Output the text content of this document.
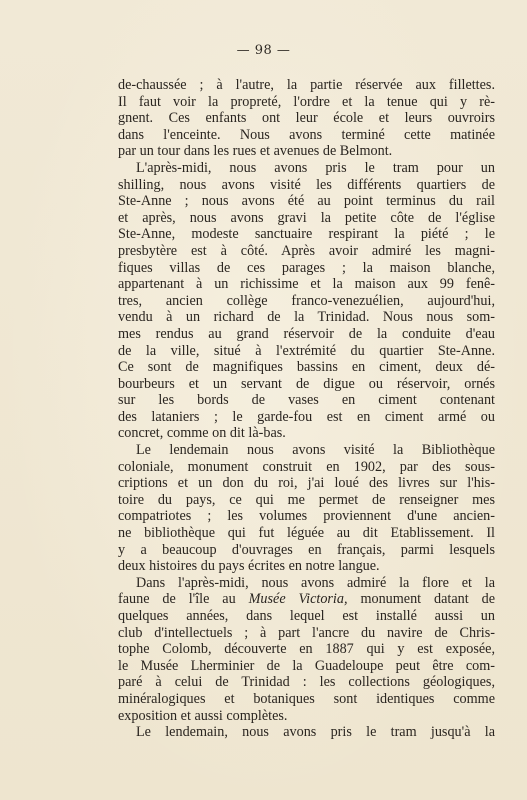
— 98 —
de-chaussée ; à l'autre, la partie réservée aux fillettes.
Il faut voir la propreté, l'ordre et la tenue qui y rè-
gnent. Ces enfants ont leur école et leurs ouvroirs
dans l'enceinte. Nous avons terminé cette matinée
par un tour dans les rues et avenues de Belmont.
L'après-midi, nous avons pris le tram pour un
shilling, nous avons visité les différents quartiers de
Ste-Anne ; nous avons été au point terminus du rail
et après, nous avons gravi la petite côte de l'église
Ste-Anne, modeste sanctuaire respirant la piété ; le
presbytère est à côté. Après avoir admiré les magni-
fiques villas de ces parages ; la maison blanche,
appartenant à un richissime et la maison aux 99 fenê-
tres, ancien collège franco-venezuélien, aujourd'hui,
vendu à un richard de la Trinidad. Nous nous som-
mes rendus au grand réservoir de la conduite d'eau
de la ville, situé à l'extrémité du quartier Ste-Anne.
Ce sont de magnifiques bassins en ciment, deux dé-
bourbeurs et un servant de digue ou réservoir, ornés
sur les bords de vases en ciment contenant
des lataniers ; le garde-fou est en ciment armé ou
concret, comme on dit là-bas.
Le lendemain nous avons visité la Bibliothèque
coloniale, monument construit en 1902, par des sous-
criptions et un don du roi, j'ai loué des livres sur l'his-
toire du pays, ce qui me permet de renseigner mes
compatriotes ; les volumes proviennent d'une ancien-
ne bibliothèque qui fut léguée au dit Etablissement. Il
y a beaucoup d'ouvrages en français, parmi lesquels
deux histoires du pays écrites en notre langue.
Dans l'après-midi, nous avons admiré la flore et la
faune de l'île au Musée Victoria, monument datant de
quelques années, dans lequel est installé aussi un
club d'intellectuels ; à part l'ancre du navire de Chris-
tophe Colomb, découverte en 1887 qui y est exposée,
le Musée Lherminier de la Guadeloupe peut être com-
paré à celui de Trinidad : les collections géologiques,
minéralogiques et botaniques sont identiques comme
exposition et aussi complètes.
Le lendemain, nous avons pris le tram jusqu'à la
